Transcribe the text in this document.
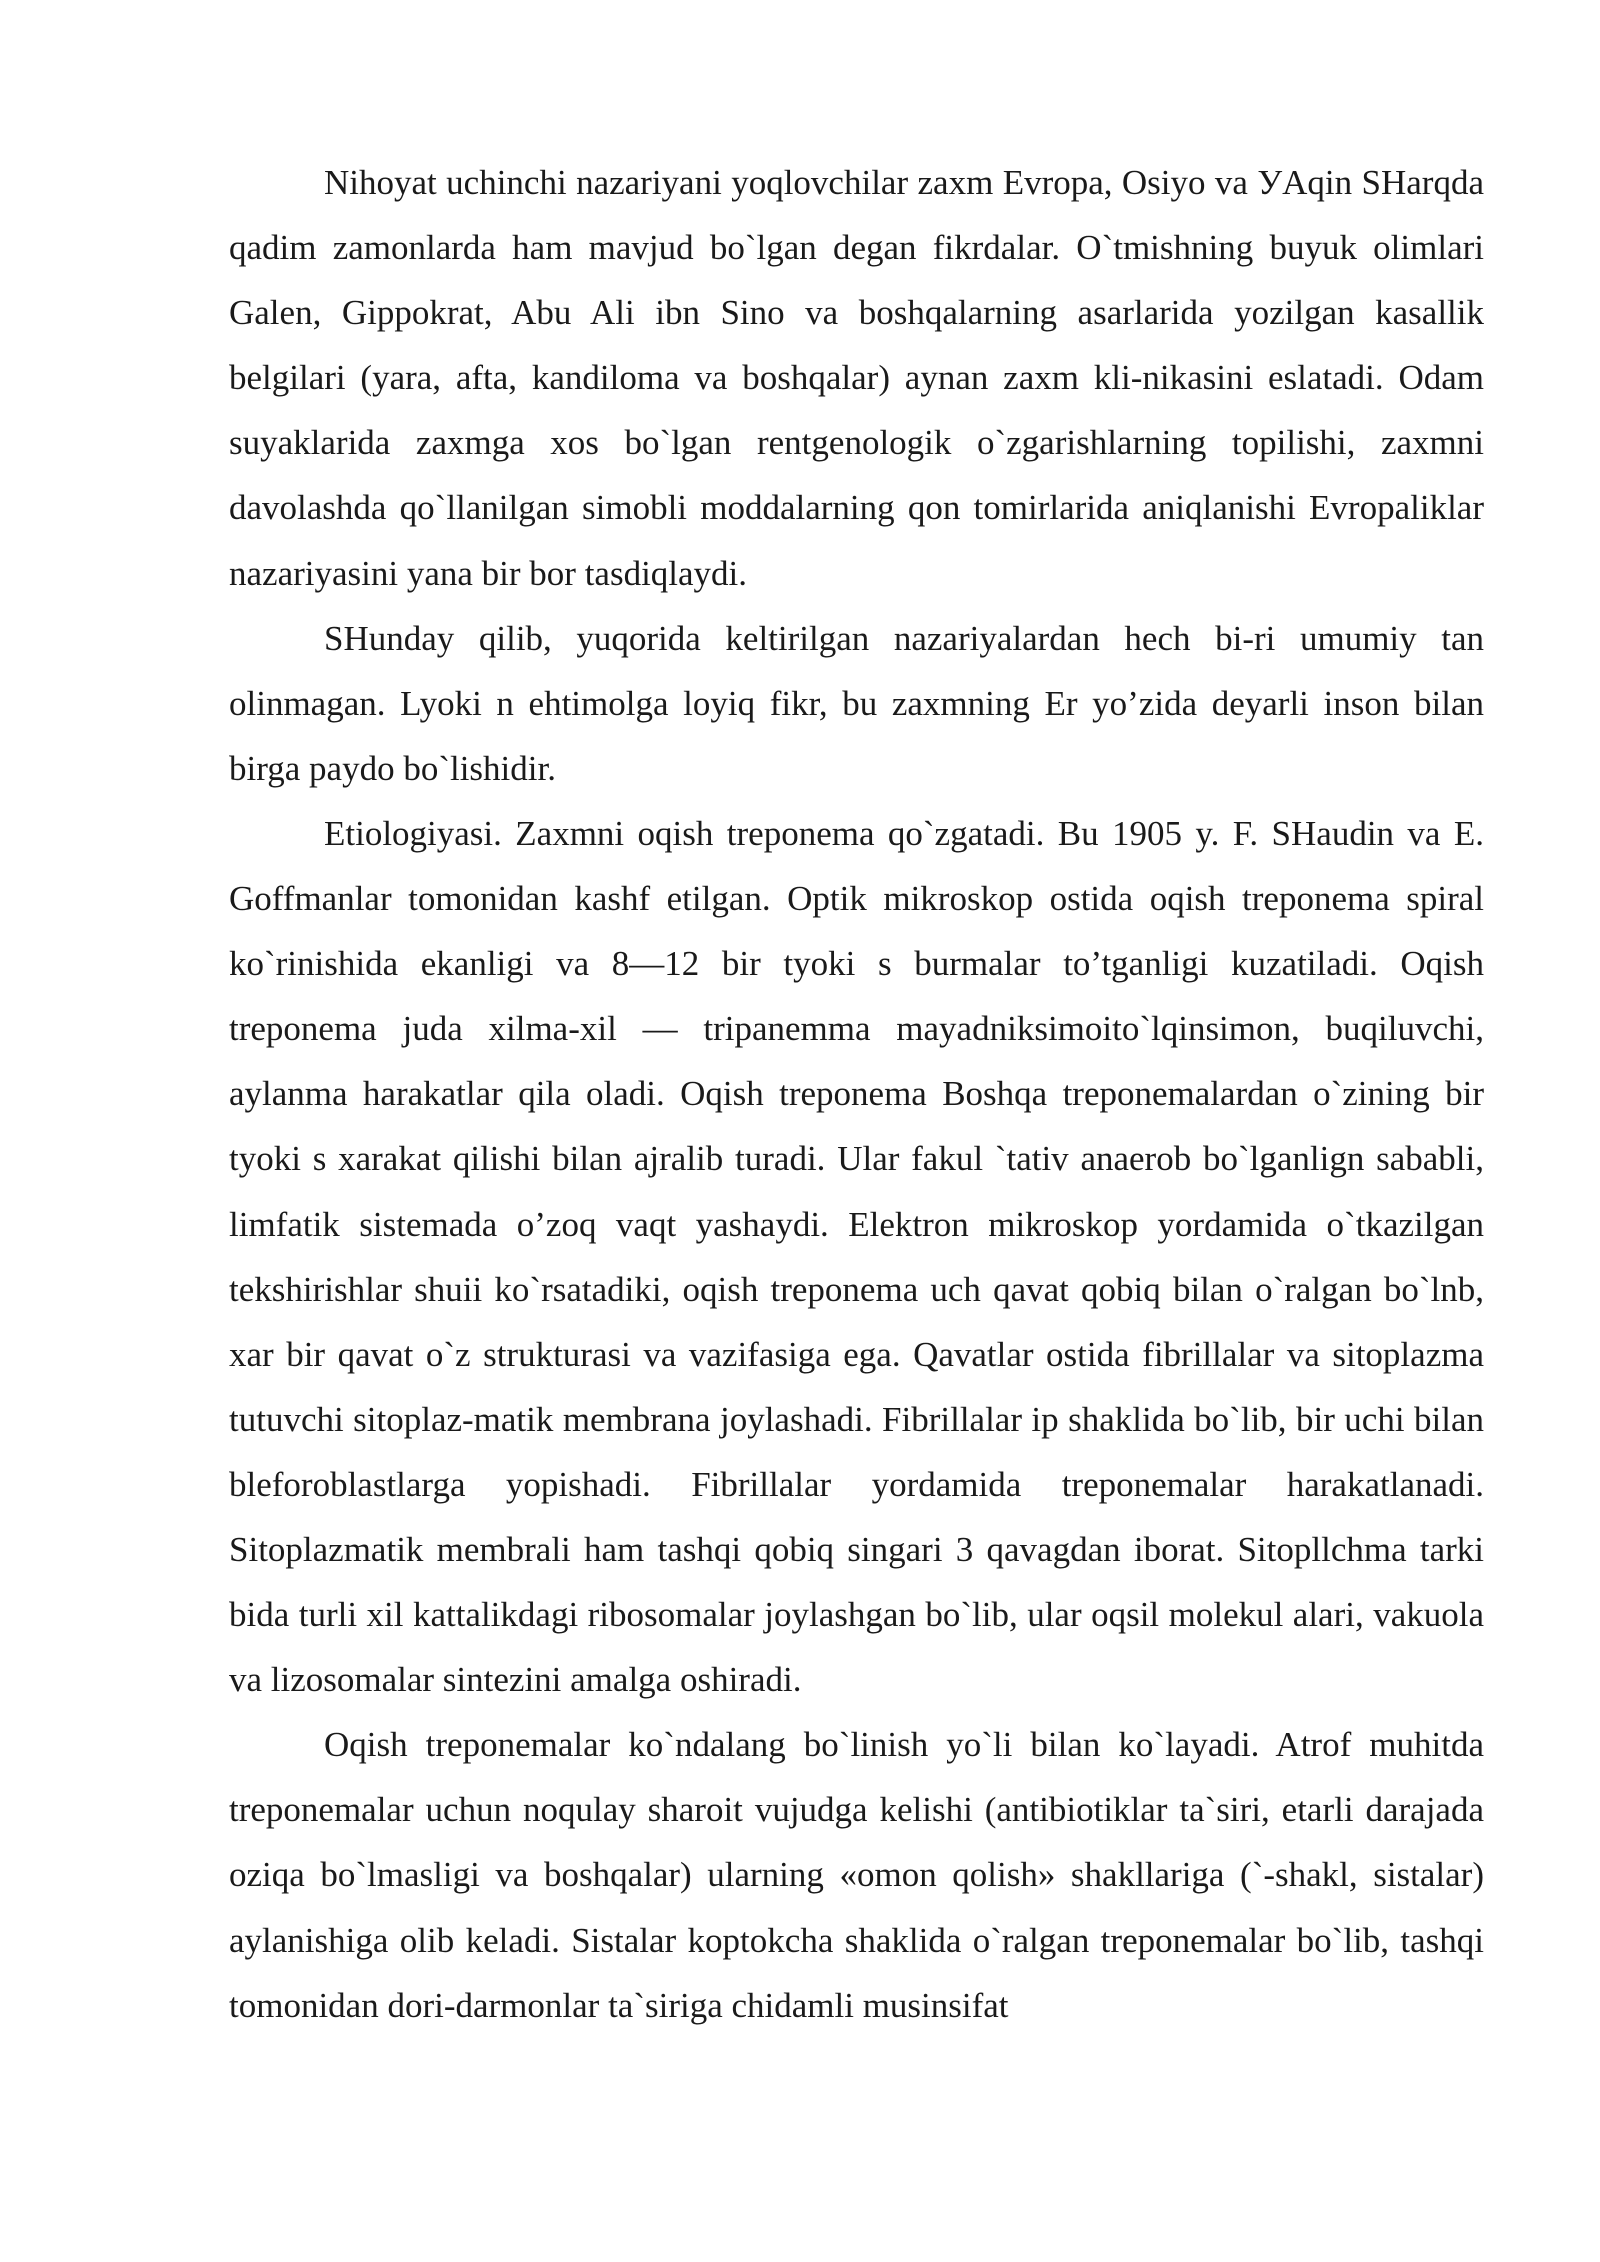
Nihoyat uchinchi nazariyani yoqlovchilar zaxm Evropa, Osiyo va УAqin SHarqda qadim zamonlarda ham mavjud bo`lgan degan fikrdalar. O`tmishning buyuk olimlari Galen, Gippokrat, Abu Ali ibn Sino va boshqalarning asarlarida yozilgan kasallik belgilari (yara, afta, kandiloma va boshqalar) aynan zaxm kli-nikasini eslatadi. Odam suyaklarida zaxmga xos bo`lgan rentgenologik o`zgarishlarning topilishi, zaxmni davolashda qo`llanilgan simobli moddalarning qon tomirlarida aniqlanishi Evropaliklar nazariyasini yana bir bor tasdiqlaydi.

SHunday qilib, yuqorida keltirilgan nazariyalardan hech bi-ri umumiy tan olinmagan. Lyoki n ehtimolga loyiq fikr, bu zaxmning Er yo’zida deyarli inson bilan birga paydo bo`lishidir.

Etiologiyasi. Zaxmni oqish treponema qo`zgatadi. Bu 1905 y. F. SHaudin va E. Goffmanlar tomonidan kashf etilgan. Optik mikroskop ostida oqish treponema spiral ko`rinishida ekanligi va 8—12 bir tyoki s burmalar to’tganligi kuzatiladi. Oqish treponema juda xilma-xil — tripanemma mayadniksimoito`lqinsimon, buqiluvchi, aylanma harakatlar qila oladi. Oqish treponema Boshqa treponemalardan o`zining bir tyoki s xarakat qilishi bilan ajralib turadi. Ular fakul `tativ anaerob bo`lganlign sababli, limfatik sistemada o’zoq vaqt yashaydi. Elektron mikroskop yordamida o`tkazilgan tekshirishlar shuii ko`rsatadiki, oqish treponema uch qavat qobiq bilan o`ralgan bo`lnb, xar bir qavat o`z strukturasi va vazifasiga ega. Qavatlar ostida fibrillalar va sitoplazma tutuvchi sitoplaz-matik membrana joylashadi. Fibrillalar ip shaklida bo`lib, bir uchi bilan bleforoblastlarga yopishadi. Fibrillalar yordamida treponemalar harakatlanadi. Sitoplazmatik membrali ham tashqi qobiq singari 3 qavagdan iborat. Sitopllchma tarki bida turli xil kattalikdagi ribosomalar joylashgan bo`lib, ular oqsil molekul alari, vakuola va lizosomalar sintezini amalga oshiradi.

Oqish treponemalar ko`ndalang bo`linish yo`li bilan ko`layadi. Atrof muhitda treponemalar uchun noqulay sharoit vujudga kelishi (antibiotiklar ta`siri, etarli darajada oziqa bo`lmasligi va boshqalar) ularning «omon qolish» shakllariga (`-shakl, sistalar) aylanishiga olib keladi. Sistalar koptokcha shaklida o`ralgan treponemalar bo`lib, tashqi tomonidan dori-darmonlar ta`siriga chidamli musinsifat
